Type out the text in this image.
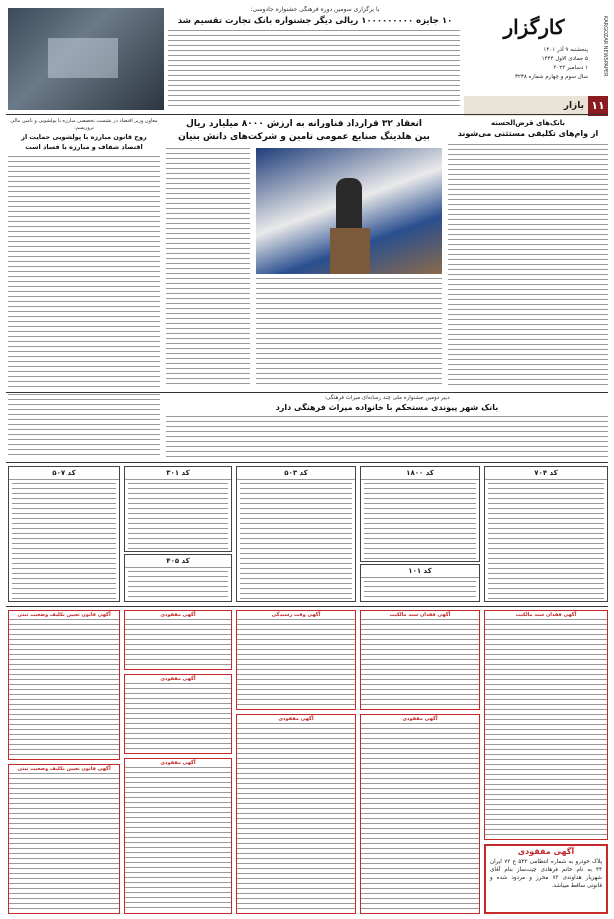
کارگزار	KARGOZAR NEWSPAPER
پنجشنبه ۹ آذر ۱۴۰۱
۵ جمادی الاول ۱۴۴۴
۱ دسامبر ۲۰۲۲
سال سوم و چهارم شماره ۳۲۳۸
بازار ۱۱
با برگزاری سومین دوره فرهنگی جشنواره جادوسی:
۱۰ جایزه ۱۰۰۰۰۰۰۰۰۰ ریالی دیگر جشنواره بانک تجارت تقسیم شد
معاون وزیر اقتصاد در نشست تخصصی مبارزه با پولشویی و تامین مالی تروریسم:
روح قانون مبارزه با پولشویی حمایت از
اقتصاد شفاف و مبارزه با فساد است
انعقاد ۳۲ قرارداد فناورانه به ارزش ۸۰۰۰ میلیارد ریال
بین هلدینگ صنایع عمومی تامین و شرکت‌های دانش بنیان
بانک‌های قرض‌الحسنه
از وام‌های تکلیفی مستثنی می‌شوند
دبیر دومین جشنواره ملی چند رسانه‌ای میراث فرهنگی:
بانک شهر پیوندی مستحکم با خانواده میراث فرهنگی دارد
کد ۷۰۴
کد ۱۸۰۰
کد ۱۰۱
کد ۵۰۳
کد ۳۰۱
کد ۴۰۵
کد ۵۰۷
آگهی فقدان سند مالکیت
آگهی مفقودی
پلاک خودرو به شماره انتظامی ۵۴۳ ع ۷۲ ایران ۴۴ به نام خانم فرهادی چیت‌ساز بنام آقای شهریار هداوندی ۷۳ محرز و مردود شده و قانونی ساقط میباشد.
آگهی فقدان سند مالکیت
آگهی مفقودی
آگهی وقت رسیدگی
آگهی مفقودی
آگهی مفقودی
آگهی مفقودی
آگهی مفقودی
آگهی قانون تعیین تکلیف وضعیت ثبتی
آگهی قانون تعیین تکلیف وضعیت ثبتی
